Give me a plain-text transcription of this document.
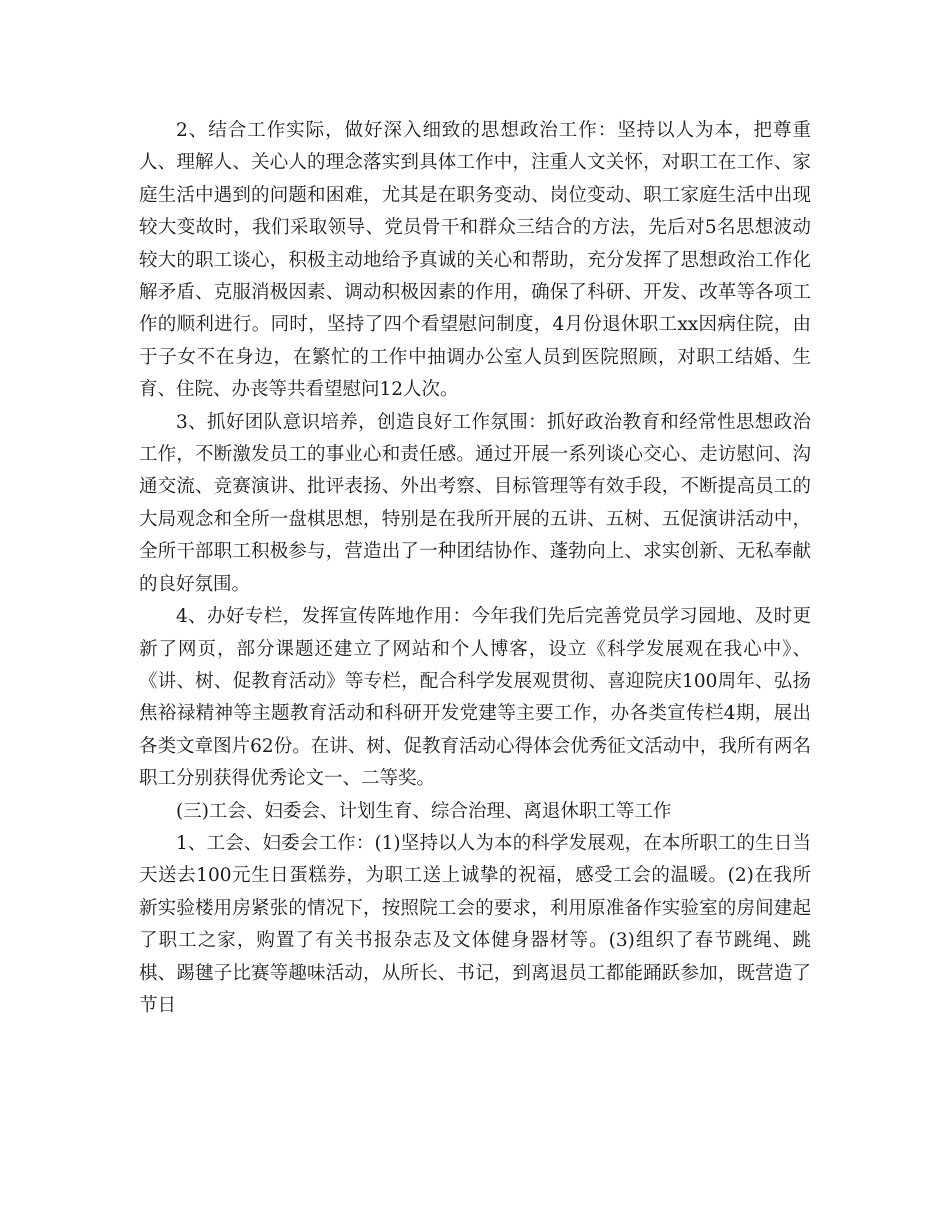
2、结合工作实际，做好深入细致的思想政治工作：坚持以人为本，把尊重人、理解人、关心人的理念落实到具体工作中，注重人文关怀，对职工在工作、家庭生活中遇到的问题和困难，尤其是在职务变动、岗位变动、职工家庭生活中出现较大变故时，我们采取领导、党员骨干和群众三结合的方法，先后对5名思想波动较大的职工谈心，积极主动地给予真诚的关心和帮助，充分发挥了思想政治工作化解矛盾、克服消极因素、调动积极因素的作用，确保了科研、开发、改革等各项工作的顺利进行。同时，坚持了四个看望慰问制度，4月份退休职工xx因病住院，由于子女不在身边，在繁忙的工作中抽调办公室人员到医院照顾，对职工结婚、生育、住院、办丧等共看望慰问12人次。

3、抓好团队意识培养，创造良好工作氛围：抓好政治教育和经常性思想政治工作，不断激发员工的事业心和责任感。通过开展一系列谈心交心、走访慰问、沟通交流、竞赛演讲、批评表扬、外出考察、目标管理等有效手段，不断提高员工的大局观念和全所一盘棋思想，特别是在我所开展的五讲、五树、五促演讲活动中，全所干部职工积极参与，营造出了一种团结协作、蓬勃向上、求实创新、无私奉献的良好氛围。

4、办好专栏，发挥宣传阵地作用：今年我们先后完善党员学习园地、及时更新了网页，部分课题还建立了网站和个人博客，设立《科学发展观在我心中》、《讲、树、促教育活动》等专栏，配合科学发展观贯彻、喜迎院庆100周年、弘扬焦裕禄精神等主题教育活动和科研开发党建等主要工作，办各类宣传栏4期，展出各类文章图片62份。在讲、树、促教育活动心得体会优秀征文活动中，我所有两名职工分别获得优秀论文一、二等奖。

(三)工会、妇委会、计划生育、综合治理、离退休职工等工作

1、工会、妇委会工作：(1)坚持以人为本的科学发展观，在本所职工的生日当天送去100元生日蛋糕券，为职工送上诚挚的祝福，感受工会的温暖。(2)在我所新实验楼用房紧张的情况下，按照院工会的要求，利用原准备作实验室的房间建起了职工之家，购置了有关书报杂志及文体健身器材等。(3)组织了春节跳绳、跳棋、踢毽子比赛等趣味活动，从所长、书记，到离退员工都能踊跃参加，既营造了节日
